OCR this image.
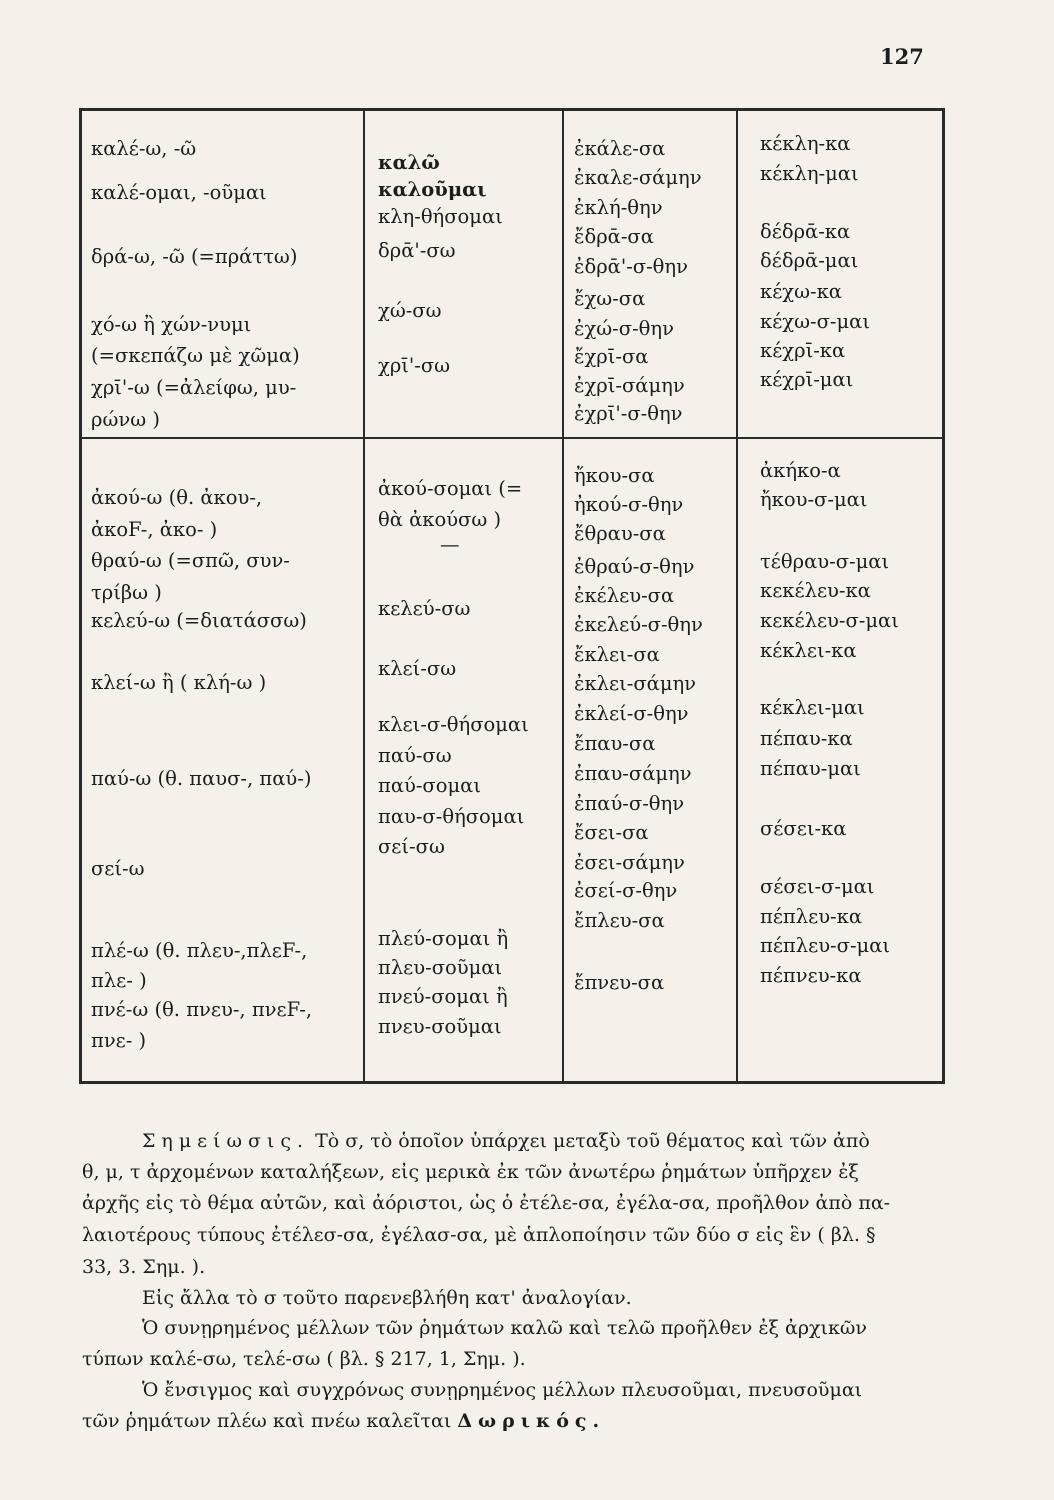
127
καλέ-ω, -ῶ
καλέ-ομαι, -οῦμαι
δρά-ω, -ῶ (=πράττω)
χό-ω ἢ χών-νυμι
(=σκεπάζω μὲ χῶμα)
χρῑ'-ω (=ἀλείφω, μυ-
ρώνω )
ἀκού-ω (θ. ἀκου-,
ἀκοF-, ἀκο- )
θραύ-ω (=σπῶ, συν-
τρίβω )
κελεύ-ω (=διατάσσω)
κλεί-ω ἢ ( κλή-ω )
παύ-ω (θ. παυσ-, παύ-)
σεί-ω
πλέ-ω (θ. πλευ-,πλεF-,
πλε- )
πνέ-ω (θ. πνευ-, πνεF-,
πνε- )
καλῶ
καλοῦμαι
κλη-θήσομαι
δρᾱ'-σω
χώ-σω
χρῑ'-σω
ἀκού-σομαι (=
θὰ ἀκούσω )
—
κελεύ-σω
κλεί-σω
κλει-σ-θήσομαι
παύ-σω
παύ-σομαι
παυ-σ-θήσομαι
σεί-σω
πλεύ-σομαι ἢ
πλευ-σοῦμαι
πνεύ-σομαι ἢ
πνευ-σοῦμαι
ἐκάλε-σα
ἐκαλε-σάμην
ἐκλή-θην
ἔδρᾱ-σα
ἐδρᾱ'-σ-θην
ἔχω-σα
ἐχώ-σ-θην
ἔχρῑ-σα
ἐχρῑ-σάμην
ἐχρῑ'-σ-θην
ἤκου-σα
ἠκού-σ-θην
ἔθραυ-σα
ἐθραύ-σ-θην
ἐκέλευ-σα
ἐκελεύ-σ-θην
ἔκλει-σα
ἐκλει-σάμην
ἐκλεί-σ-θην
ἔπαυ-σα
ἐπαυ-σάμην
ἐπαύ-σ-θην
ἔσει-σα
ἐσει-σάμην
ἐσεί-σ-θην
ἔπλευ-σα
ἔπνευ-σα
κέκλη-κα
κέκλη-μαι
δέδρᾱ-κα
δέδρᾱ-μαι
κέχω-κα
κέχω-σ-μαι
κέχρῑ-κα
κέχρῑ-μαι
ἀκήκο-α
ἤκου-σ-μαι
τέθραυ-σ-μαι
κεκέλευ-κα
κεκέλευ-σ-μαι
κέκλει-κα
κέκλει-μαι
πέπαυ-κα
πέπαυ-μαι
σέσει-κα
σέσει-σ-μαι
πέπλευ-κα
πέπλευ-σ-μαι
πέπνευ-κα
Σημείωσις. Τὸ σ, τὸ ὁποῖον ὑπάρχει μεταξὺ τοῦ θέματος καὶ τῶν ἀπὸ
θ, μ, τ ἀρχομένων καταλήξεων, εἰς μερικὰ ἐκ τῶν ἀνωτέρω ῥημάτων ὑπῆρχεν ἐξ
ἀρχῆς εἰς τὸ θέμα αὐτῶν, καὶ ἀόριστοι, ὡς ὁ ἐτέλε-σα, ἐγέλα-σα, προῆλθον ἀπὸ πα-
λαιοτέρους τύπους ἐτέλεσ-σα, ἐγέλασ-σα, μὲ ἁπλοποίησιν τῶν δύο σ εἰς ἓν ( βλ. §
33, 3. Σημ. ).
Εἰς ἄλλα τὸ σ τοῦτο παρενεβλήθη κατ' ἀναλογίαν.
Ὁ συνῃρημένος μέλλων τῶν ῥημάτων καλῶ καὶ τελῶ προῆλθεν ἐξ ἀρχικῶν
τύπων καλέ-σω, τελέ-σω ( βλ. § 217, 1, Σημ. ).
Ὁ ἔνσιγμος καὶ συγχρόνως συνῃρημένος μέλλων πλευσοῦμαι, πνευσοῦμαι
τῶν ῥημάτων πλέω καὶ πνέω καλεῖται Δωρικός.
